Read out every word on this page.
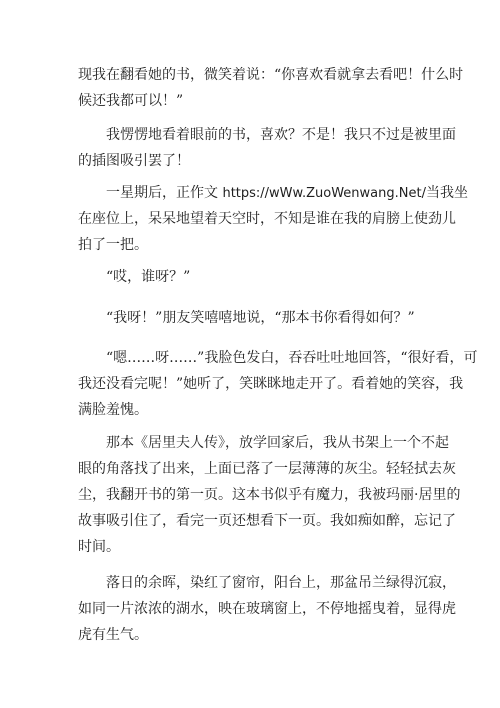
现我在翻看她的书，微笑着说：“你喜欢看就拿去看吧！什么时
候还我都可以！”
我愣愣地看着眼前的书，喜欢？不是！我只不过是被里面
的插图吸引罢了！
一星期后，正作文 https://wWw.ZuoWenwang.Net/当我坐
在座位上，呆呆地望着天空时，不知是谁在我的肩膀上使劲儿
拍了一把。
“哎，谁呀？”
“我呀！”朋友笑嘻嘻地说，“那本书你看得如何？”
“嗯……呀……”我脸色发白，吞吞吐吐地回答，“很好看，可
我还没看完呢！”她听了，笑眯眯地走开了。看着她的笑容，我
满脸羞愧。
那本《居里夫人传》，放学回家后，我从书架上一个不起
眼的角落找了出来，上面已落了一层薄薄的灰尘。轻轻拭去灰
尘，我翻开书的第一页。这本书似乎有魔力，我被玛丽·居里的
故事吸引住了，看完一页还想看下一页。我如痴如醉，忘记了
时间。
落日的余晖，染红了窗帘，阳台上，那盆吊兰绿得沉寂，
如同一片浓浓的湖水，映在玻璃窗上，不停地摇曳着，显得虎
虎有生气。
